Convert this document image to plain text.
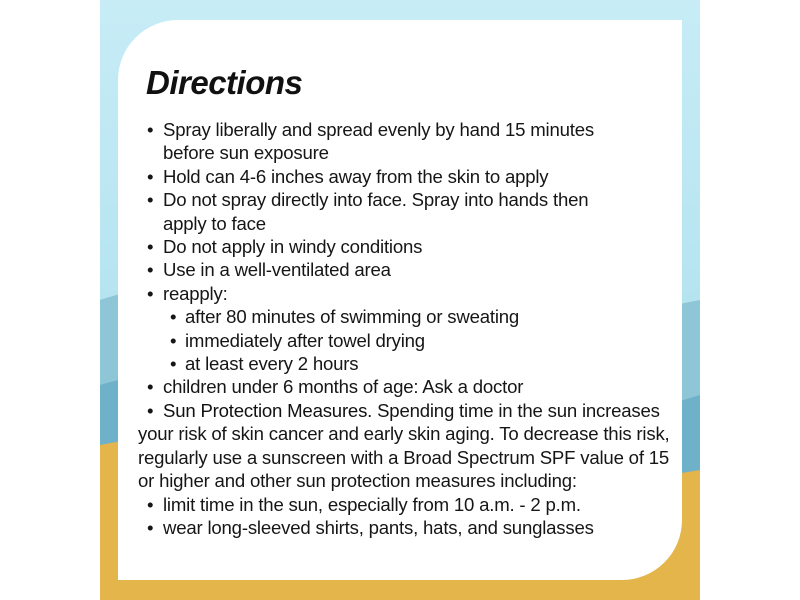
Directions
• Spray liberally and spread evenly by hand 15 minutes
before sun exposure
• Hold can 4-6 inches away from the skin to apply
• Do not spray directly into face. Spray into hands then
apply to face
• Do not apply in windy conditions
• Use in a well-ventilated area
• reapply:
• after 80 minutes of swimming or sweating
• immediately after towel drying
• at least every 2 hours
• children under 6 months of age: Ask a doctor
• Sun Protection Measures. Spending time in the sun increases your risk of skin cancer and early skin aging. To decrease this risk, regularly use a sunscreen with a Broad Spectrum SPF value of 15 or higher and other sun protection measures including:
• limit time in the sun, especially from 10 a.m. - 2 p.m.
• wear long-sleeved shirts, pants, hats, and sunglasses
